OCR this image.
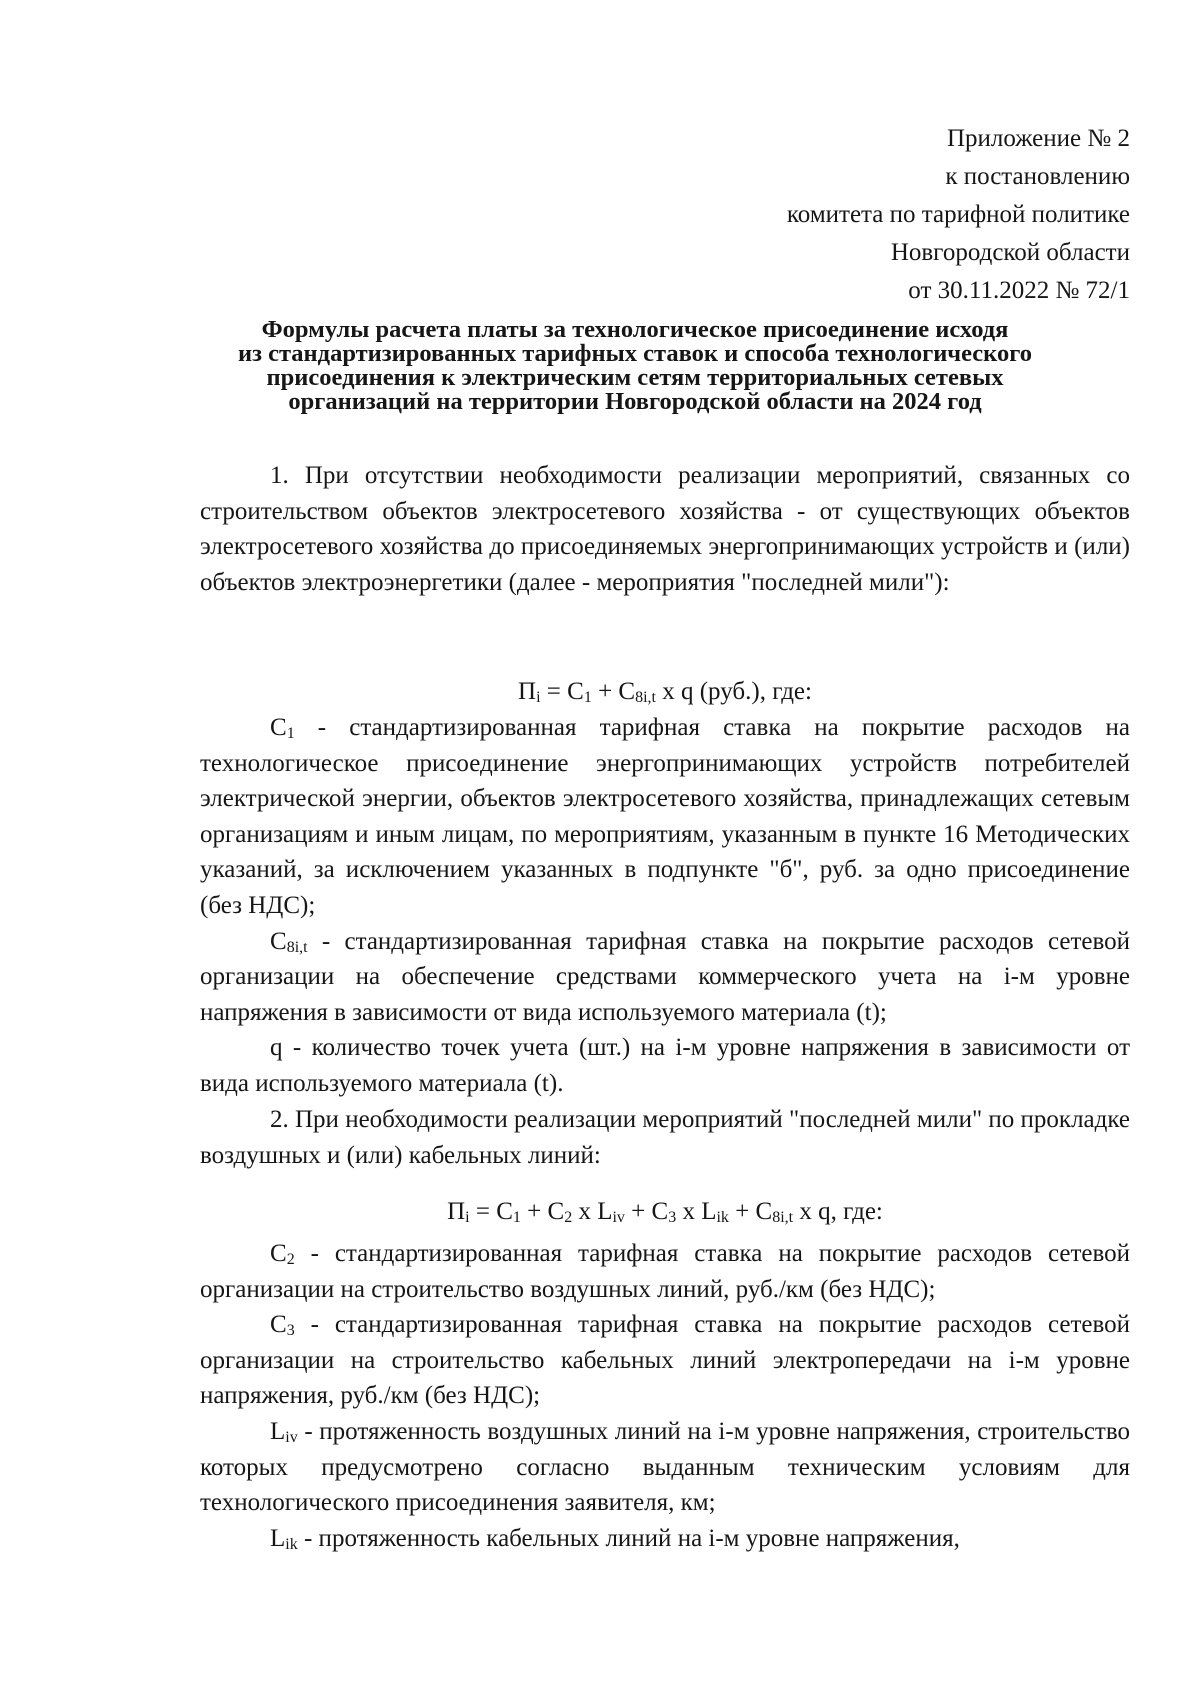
Приложение № 2
к постановлению
комитета по тарифной политике
Новгородской области
от 30.11.2022 № 72/1
Формулы расчета платы за технологическое присоединение исходя
из стандартизированных тарифных ставок и способа технологического
присоединения к электрическим сетям территориальных сетевых
организаций на территории Новгородской области на 2024 год

1. При отсутствии необходимости реализации мероприятий, связанных со строительством объектов электросетевого хозяйства - от существующих объектов электросетевого хозяйства до присоединяемых энергопринимающих устройств и (или) объектов электроэнергетики (далее - мероприятия "последней мили"):

$П_i = C_1 + C_{8i,t}$ x q (руб.), где:

$C_1$ - стандартизированная тарифная ставка на покрытие расходов на технологическое присоединение энергопринимающих устройств потребителей электрической энергии, объектов электросетевого хозяйства, принадлежащих сетевым организациям и иным лицам, по мероприятиям, указанным в пункте 16 Методических указаний, за исключением указанных в подпункте "б", руб. за одно присоединение (без НДС);

$C_{8i,t}$ - стандартизированная тарифная ставка на покрытие расходов сетевой организации на обеспечение средствами коммерческого учета на i-м уровне напряжения в зависимости от вида используемого материала (t);

q - количество точек учета (шт.) на i-м уровне напряжения в зависимости от вида используемого материала (t).

2. При необходимости реализации мероприятий "последней мили" по прокладке воздушных и (или) кабельных линий:

$П_i = C_1 + C_2$ x $L_{iv} + C_3$ x $L_{ik} + C_{8i,t}$ x q, где:

$C_2$ - стандартизированная тарифная ставка на покрытие расходов сетевой организации на строительство воздушных линий, руб./км (без НДС);

$C_3$ - стандартизированная тарифная ставка на покрытие расходов сетевой организации на строительство кабельных линий электропередачи на i-м уровне напряжения, руб./км (без НДС);

$L_{iv}$ - протяженность воздушных линий на i-м уровне напряжения, строительство которых предусмотрено согласно выданным техническим условиям для технологического присоединения заявителя, км;

$L_{ik}$ - протяженность кабельных линий на i-м уровне напряжения,
